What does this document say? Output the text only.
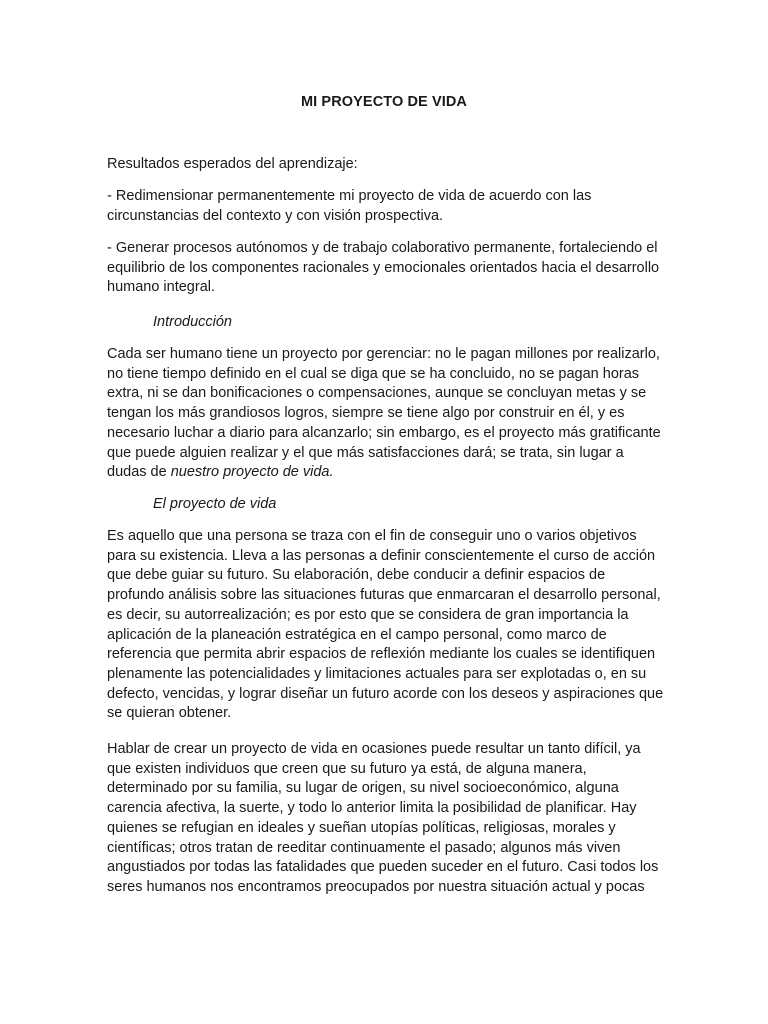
MI PROYECTO DE VIDA

Resultados esperados del aprendizaje:

- Redimensionar permanentemente mi proyecto de vida de acuerdo con las
circunstancias del contexto y con visión prospectiva.

- Generar procesos autónomos y de trabajo colaborativo permanente, fortaleciendo el
equilibrio de los componentes racionales y emocionales orientados hacia el desarrollo
humano integral.

Introducción

Cada ser humano tiene un proyecto por gerenciar: no le pagan millones por realizarlo,
no tiene tiempo definido en el cual se diga que se ha concluido, no se pagan horas
extra, ni se dan bonificaciones o compensaciones, aunque se concluyan metas y se
tengan los más grandiosos logros, siempre se tiene algo por construir en él, y es
necesario luchar a diario para alcanzarlo; sin embargo, es el proyecto más gratificante
que puede alguien realizar y el que más satisfacciones dará; se trata, sin lugar a
dudas de nuestro proyecto de vida.

El proyecto de vida

Es aquello que una persona se traza con el fin de conseguir uno o varios objetivos
para su existencia. Lleva a las personas a definir conscientemente el curso de acción
que debe guiar su futuro. Su elaboración, debe conducir a definir espacios de
profundo análisis sobre las situaciones futuras que enmarcaran el desarrollo personal,
es decir, su autorrealización; es por esto que se considera de gran importancia la
aplicación de la planeación estratégica en el campo personal, como marco de
referencia que permita abrir espacios de reflexión mediante los cuales se identifiquen
plenamente las potencialidades y limitaciones actuales para ser explotadas o, en su
defecto, vencidas, y lograr diseñar un futuro acorde con los deseos y aspiraciones que
se quieran obtener.

Hablar de crear un proyecto de vida en ocasiones puede resultar un tanto difícil, ya
que existen individuos que creen que su futuro ya está, de alguna manera,
determinado por su familia, su lugar de origen, su nivel socioeconómico, alguna
carencia afectiva, la suerte, y todo lo anterior limita la posibilidad de planificar. Hay
quienes se refugian en ideales y sueñan utopías políticas, religiosas, morales y
científicas; otros tratan de reeditar continuamente el pasado; algunos más viven
angustiados por todas las fatalidades que pueden suceder en el futuro. Casi todos los
seres humanos nos encontramos preocupados por nuestra situación actual y pocas
